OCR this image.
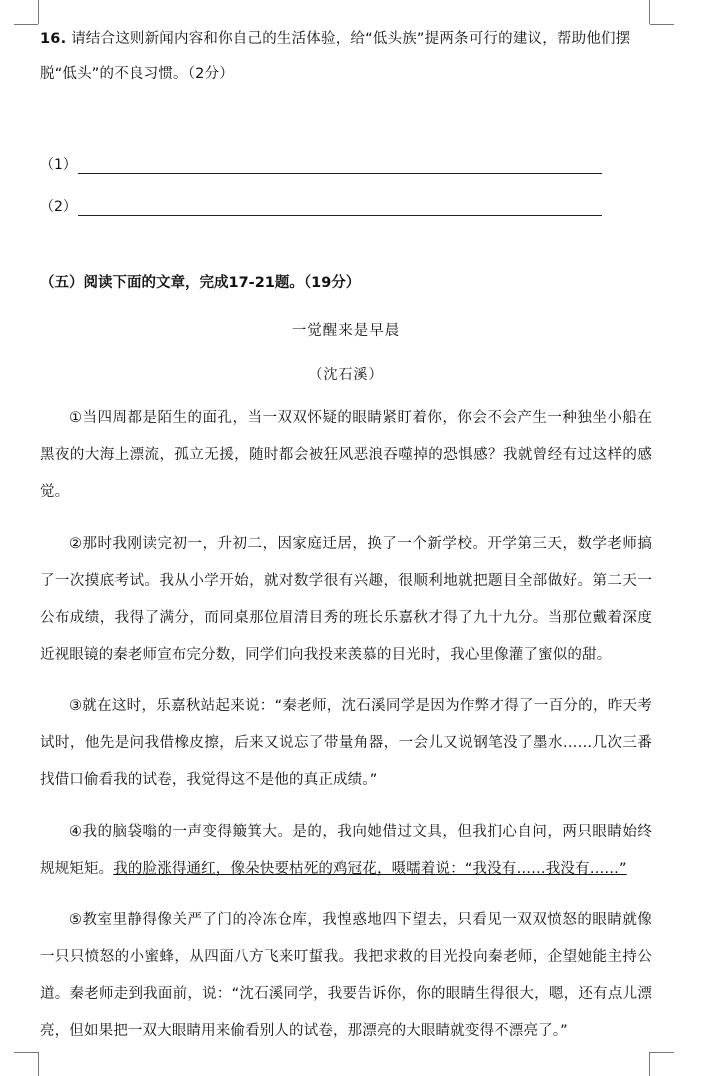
16. 请结合这则新闻内容和你自己的生活体验，给“低头族”提两条可行的建议，帮助他们摆脱“低头”的不良习惯。（2分）
（1）
（2）
（五）阅读下面的文章，完成17-21题。（19分）
一觉醒来是早晨
（沈石溪）

①当四周都是陌生的面孔，当一双双怀疑的眼睛紧盯着你，你会不会产生一种独坐小船在黑夜的大海上漂流，孤立无援，随时都会被狂风恶浪吞噬掉的恐惧感？我就曾经有过这样的感觉。

②那时我刚读完初一，升初二，因家庭迁居，换了一个新学校。开学第三天，数学老师搞了一次摸底考试。我从小学开始，就对数学很有兴趣，很顺利地就把题目全部做好。第二天一公布成绩，我得了满分，而同桌那位眉清目秀的班长乐嘉秋才得了九十九分。当那位戴着深度近视眼镜的秦老师宣布完分数，同学们向我投来羡慕的目光时，我心里像灌了蜜似的甜。

③就在这时，乐嘉秋站起来说：“秦老师，沈石溪同学是因为作弊才得了一百分的，昨天考试时，他先是问我借橡皮擦，后来又说忘了带量角器，一会儿又说钢笔没了墨水……几次三番找借口偷看我的试卷，我觉得这不是他的真正成绩。”

④我的脑袋嗡的一声变得簸箕大。是的，我向她借过文具，但我扪心自问，两只眼睛始终规规矩矩。我的脸涨得通红，像朵快要枯死的鸡冠花，嗫嚅着说：“我没有……我没有……”

⑤教室里静得像关严了门的冷冻仓库，我惶惑地四下望去，只看见一双双愤怒的眼睛就像一只只愤怒的小蜜蜂，从四面八方飞来叮蜇我。我把求救的目光投向秦老师，企望她能主持公道。秦老师走到我面前，说：“沈石溪同学，我要告诉你，你的眼睛生得很大，嗯，还有点儿漂亮，但如果把一双大眼睛用来偷看别人的试卷，那漂亮的大眼睛就变得不漂亮了。”
